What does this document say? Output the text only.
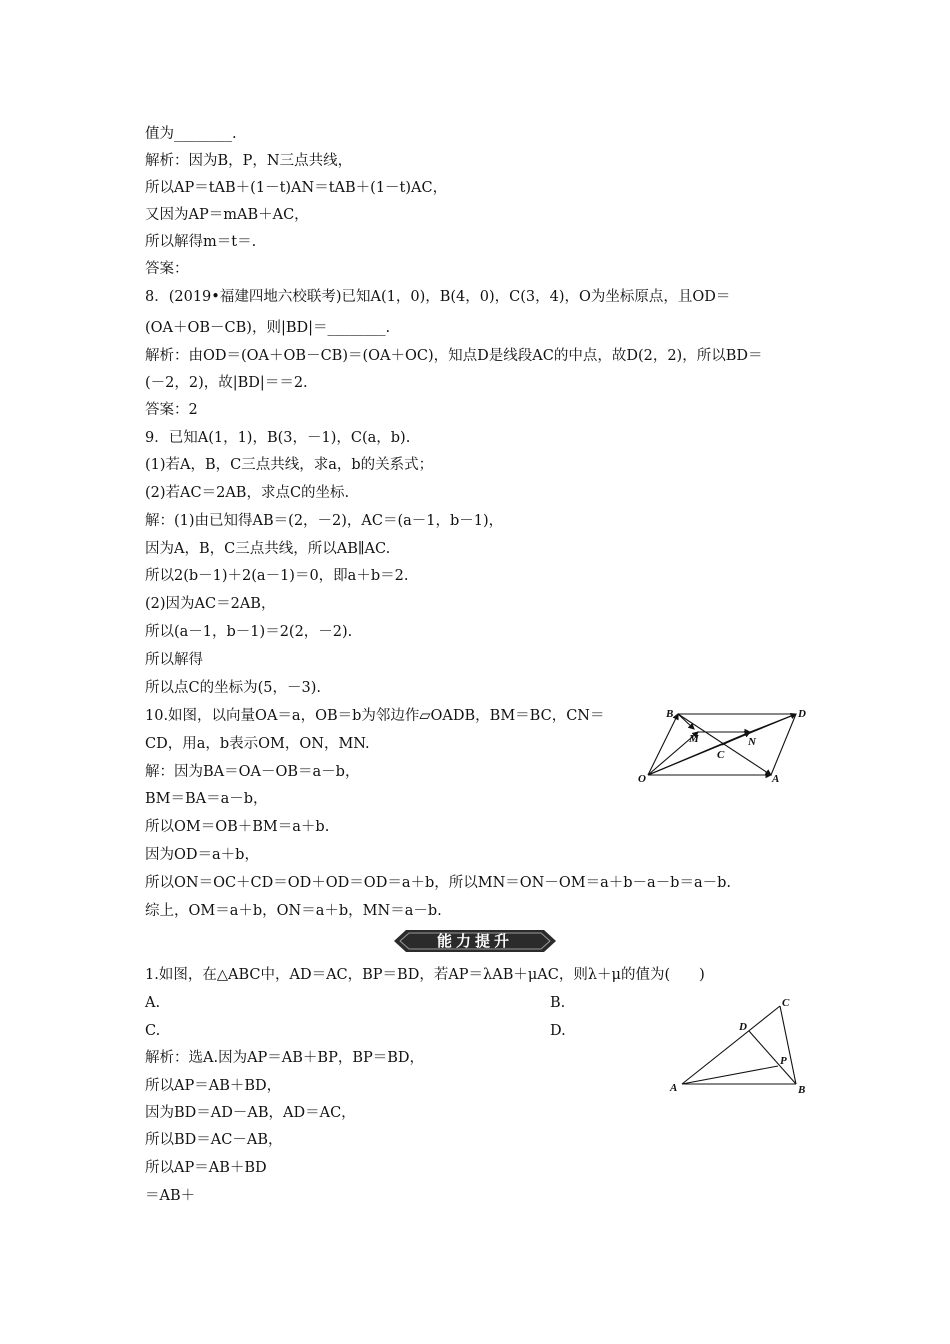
值为________.
解析：因为B，P，N三点共线，
所以AP＝tAB＋(1－t)AN＝tAB＋(1－t)AC，
又因为AP＝mAB＋AC，
所以解得m＝t＝.
答案：
8．(2019•福建四地六校联考)已知A(1，0)，B(4，0)，C(3，4)，O为坐标原点，且OD＝
(OA＋OB－CB)，则|BD|＝________.
解析：由OD＝(OA＋OB－CB)＝(OA＋OC)，知点D是线段AC的中点，故D(2，2)，所以BD＝
(－2，2)，故|BD|＝＝2.
答案：2
9．已知A(1，1)，B(3，－1)，C(a，b).
(1)若A，B，C三点共线，求a，b的关系式；
(2)若AC＝2AB，求点C的坐标.
解：(1)由已知得AB＝(2，－2)，AC＝(a－1，b－1)，
因为A，B，C三点共线，所以AB∥AC.
所以2(b－1)＋2(a－1)＝0，即a＋b＝2.
(2)因为AC＝2AB，
所以(a－1，b－1)＝2(2，－2).
所以解得
所以点C的坐标为(5，－3).
10.如图，以向量OA＝a，OB＝b为邻边作▱OADB，BM＝BC，CN＝
CD，用a，b表示OM，ON，MN.
解：因为BA＝OA－OB＝a－b，
BM＝BA＝a－b，
所以OM＝OB＋BM＝a＋b.
因为OD＝a＋b，
所以ON＝OC＋CD＝OD＋OD＝OD＝a＋b，所以MN＝ON－OM＝a＋b－a－b＝a－b.
综上，OM＝a＋b，ON＝a＋b，MN＝a－b.
B
M
D
N
C
O	A
能力提升
1.如图，在△ABC中，AD＝AC，BP＝BD，若AP＝λAB＋μAC，则λ＋μ的值为(　　)
A.	B.
C.	D.
解析：选A.因为AP＝AB＋BP，BP＝BD，
所以AP＝AB＋BD，
因为BD＝AD－AB，AD＝AC，
所以BD＝AC－AB，
所以AP＝AB＋BD
＝AB＋
C
D
P
A	B
